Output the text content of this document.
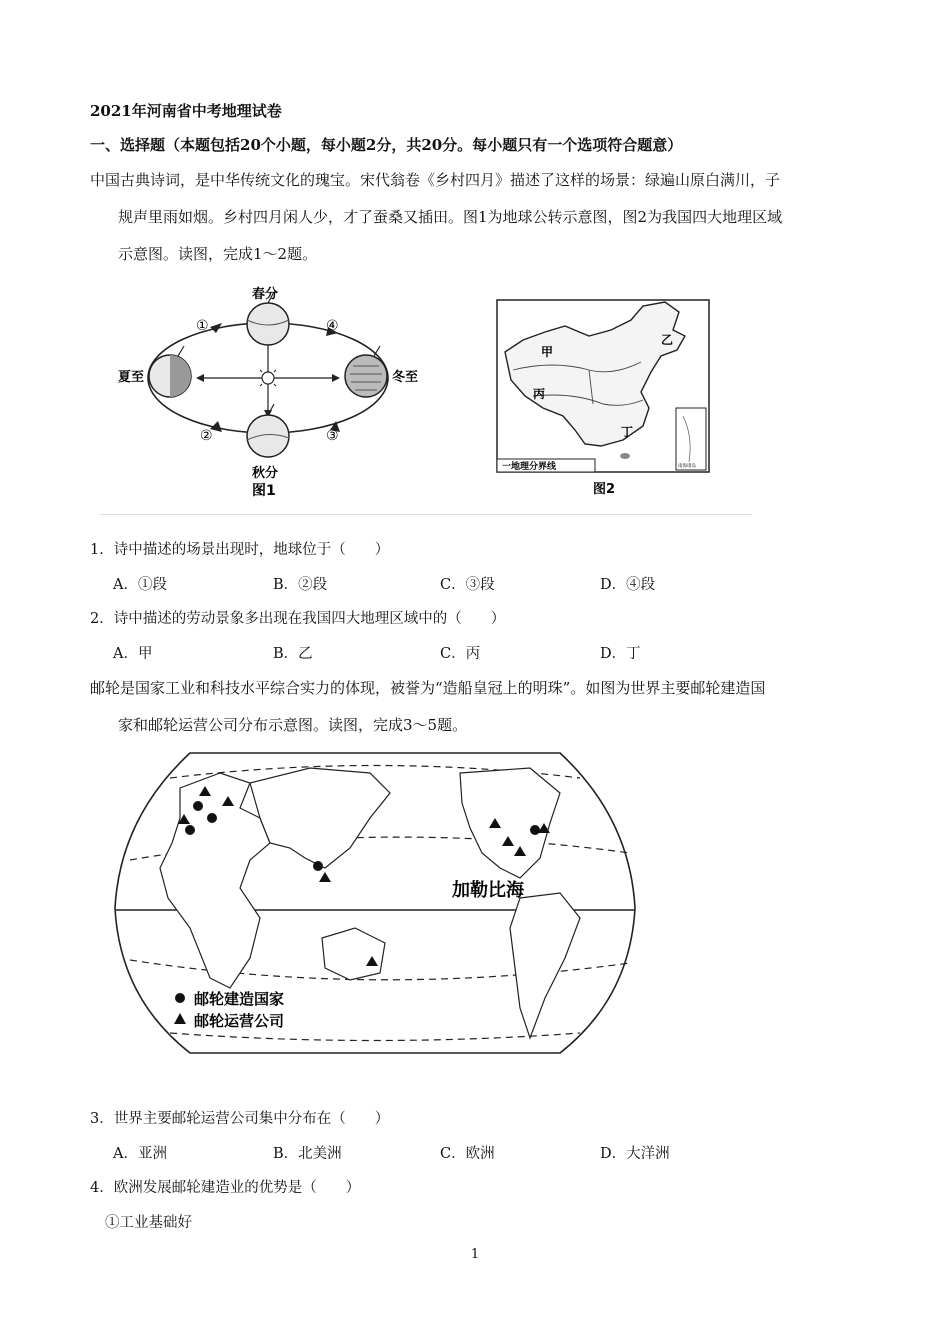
2021年河南省中考地理试卷
一、选择题（本题包括20个小题，每小题2分，共20分。每小题只有一个选项符合题意）
中国古典诗词，是中华传统文化的瑰宝。宋代翁卷《乡村四月》描述了这样的场景：绿遍山原白满川，子
规声里雨如烟。乡村四月闲人少，才了蚕桑又插田。图1为地球公转示意图，图2为我国四大地理区域
示意图。读图，完成1～2题。
春分
夏至
秋分
冬至
①
②	③
④
图1
甲
乙
丙
丁
一地理分界线	南海诸岛
图2
1．诗中描述的场景出现时，地球位于（　　）
A．①段	B．②段	C．③段	D．④段
2．诗中描述的劳动景象多出现在我国四大地理区域中的（　　）
A．甲	B．乙	C．丙	D．丁
邮轮是国家工业和科技水平综合实力的体现，被誉为“造船皇冠上的明珠”。如图为世界主要邮轮建造国
家和邮轮运营公司分布示意图。读图，完成3～5题。
加勒比海
邮轮建造国家
邮轮运营公司
3．世界主要邮轮运营公司集中分布在（　　）
A．亚洲	B．北美洲	C．欧洲	D．大洋洲
4．欧洲发展邮轮建造业的优势是（　　）
①工业基础好
1
